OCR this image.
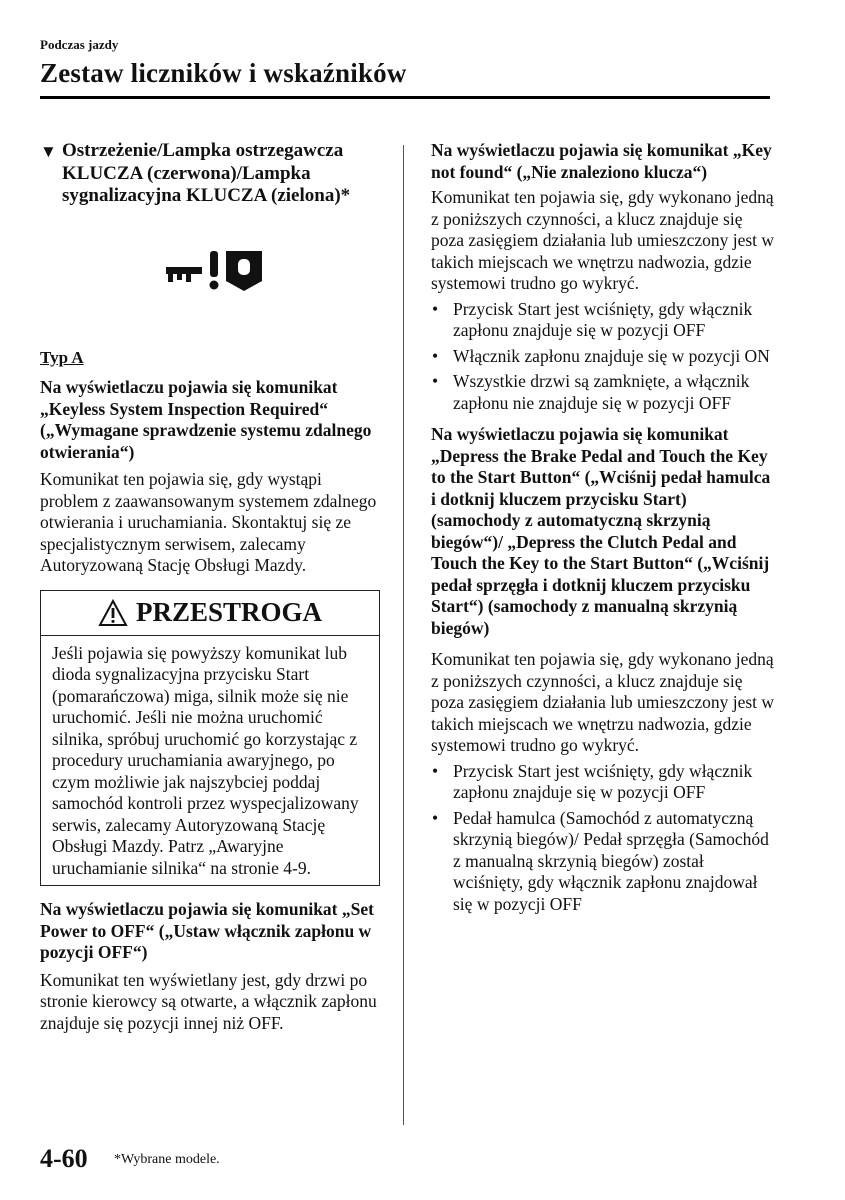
Podczas jazdy
Zestaw liczników i wskaźników
▼ Ostrzeżenie/Lampka ostrzegawcza KLUCZA (czerwona)/Lampka sygnalizacyjna KLUCZA (zielona)*
Typ A

Na wyświetlaczu pojawia się komunikat „Keyless System Inspection Required“ („Wymagane sprawdzenie systemu zdalnego otwierania“)

Komunikat ten pojawia się, gdy wystąpi problem z zaawansowanym systemem zdalnego otwierania i uruchamiania. Skontaktuj się ze specjalistycznym serwisem, zalecamy Autoryzowaną Stację Obsługi Mazdy.

PRZESTROGA
Jeśli pojawia się powyższy komunikat lub dioda sygnalizacyjna przycisku Start (pomarańczowa) miga, silnik może się nie uruchomić. Jeśli nie można uruchomić silnika, spróbuj uruchomić go korzystając z procedury uruchamiania awaryjnego, po czym możliwie jak najszybciej poddaj samochód kontroli przez wyspecjalizowany serwis, zalecamy Autoryzowaną Stację Obsługi Mazdy. Patrz „Awaryjne uruchamianie silnika“ na stronie 4-9.

Na wyświetlaczu pojawia się komunikat „Set Power to OFF“ („Ustaw włącznik zapłonu w pozycji OFF“)

Komunikat ten wyświetlany jest, gdy drzwi po stronie kierowcy są otwarte, a włącznik zapłonu znajduje się pozycji innej niż OFF.

Na wyświetlaczu pojawia się komunikat „Key not found“ („Nie znaleziono klucza“)

Komunikat ten pojawia się, gdy wykonano jedną z poniższych czynności, a klucz znajduje się poza zasięgiem działania lub umieszczony jest w takich miejscach we wnętrzu nadwozia, gdzie systemowi trudno go wykryć.

• Przycisk Start jest wciśnięty, gdy włącznik zapłonu znajduje się w pozycji OFF
• Włącznik zapłonu znajduje się w pozycji ON
• Wszystkie drzwi są zamknięte, a włącznik zapłonu nie znajduje się w pozycji OFF

Na wyświetlaczu pojawia się komunikat „Depress the Brake Pedal and Touch the Key to the Start Button“ („Wciśnij pedał hamulca i dotknij kluczem przycisku Start) (samochody z automatyczną skrzynią biegów“)/ „Depress the Clutch Pedal and Touch the Key to the Start Button“ („Wciśnij pedał sprzęgła i dotknij kluczem przycisku Start“) (samochody z manualną skrzynią biegów)

Komunikat ten pojawia się, gdy wykonano jedną z poniższych czynności, a klucz znajduje się poza zasięgiem działania lub umieszczony jest w takich miejscach we wnętrzu nadwozia, gdzie systemowi trudno go wykryć.

• Przycisk Start jest wciśnięty, gdy włącznik zapłonu znajduje się w pozycji OFF
• Pedał hamulca (Samochód z automatyczną skrzynią biegów)/ Pedał sprzęgła (Samochód z manualną skrzynią biegów) został wciśnięty, gdy włącznik zapłonu znajdował się w pozycji OFF
4-60 *Wybrane modele.
